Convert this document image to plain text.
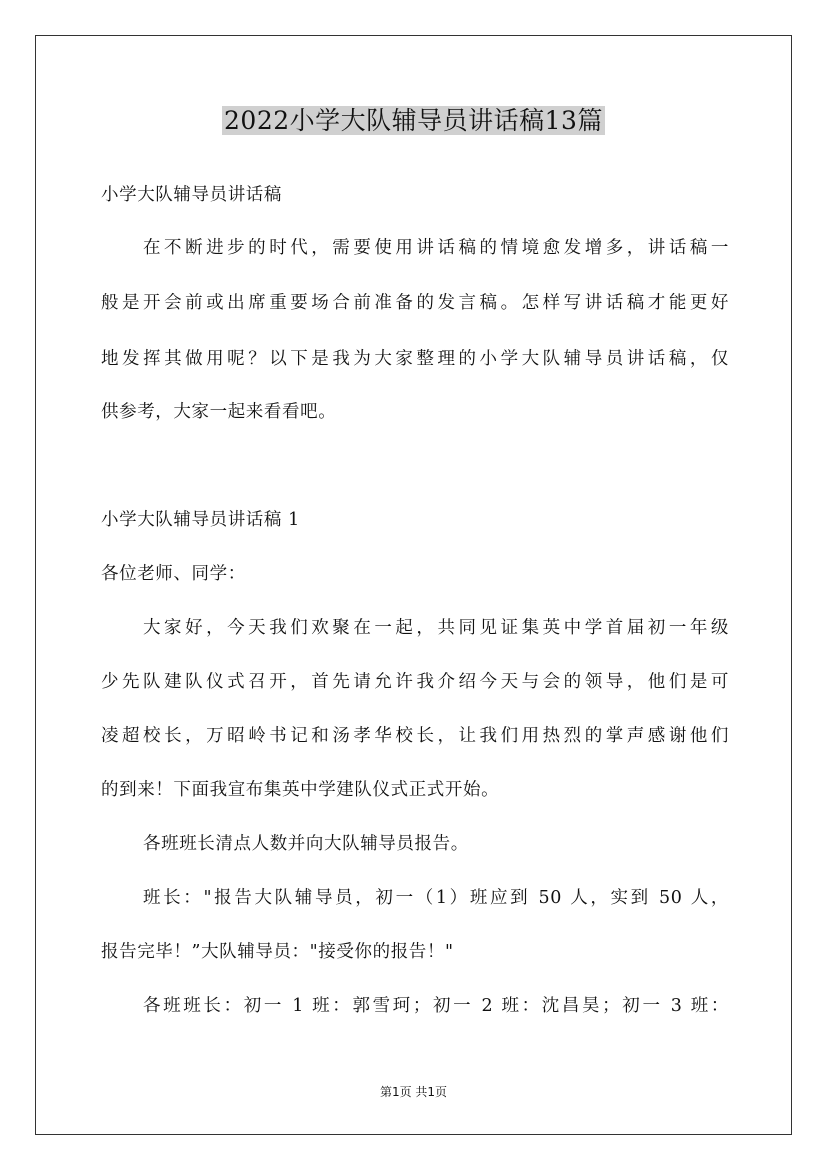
2022小学大队辅导员讲话稿13篇
小学大队辅导员讲话稿
在不断进步的时代，需要使用讲话稿的情境愈发增多，讲话稿一
般是开会前或出席重要场合前准备的发言稿。怎样写讲话稿才能更好
地发挥其做用呢？以下是我为大家整理的小学大队辅导员讲话稿，仅
供参考，大家一起来看看吧。
小学大队辅导员讲话稿 1
各位老师、同学：
大家好，今天我们欢聚在一起，共同见证集英中学首届初一年级
少先队建队仪式召开，首先请允许我介绍今天与会的领导，他们是可
凌超校长，万昭岭书记和汤孝华校长，让我们用热烈的掌声感谢他们
的到来！下面我宣布集英中学建队仪式正式开始。
各班班长清点人数并向大队辅导员报告。
班长："报告大队辅导员，初一（1）班应到 50 人，实到 50 人，
报告完毕！”大队辅导员："接受你的报告！"
各班班长：初一 1 班：郭雪珂；初一 2 班：沈昌昊；初一 3 班：
第1页 共1页
